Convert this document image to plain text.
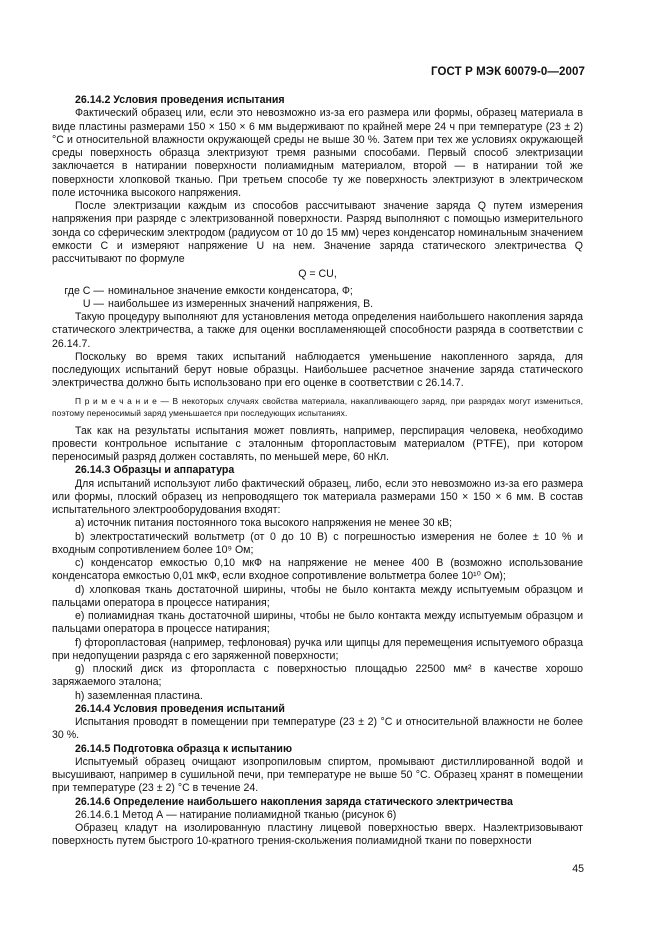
ГОСТ Р МЭК 60079-0—2007
26.14.2 Условия проведения испытания

Фактический образец или, если это невозможно из-за его размера или формы, образец материала в виде пластины размерами 150 × 150 × 6 мм выдерживают по крайней мере 24 ч при температуре (23 ± 2) °С и относительной влажности окружающей среды не выше 30 %. Затем при тех же условиях окружающей среды поверхность образца электризуют тремя разными способами. Первый способ электризации заключается в натирании поверхности полиамидным материалом, второй — в натирании той же поверхности хлопковой тканью. При третьем способе ту же поверхность электризуют в электрическом поле источника высокого напряжения.

После электризации каждым из способов рассчитывают значение заряда Q путем измерения напряжения при разряде с электризованной поверхности. Разряд выполняют с помощью измерительного зонда со сферическим электродом (радиусом от 10 до 15 мм) через конденсатор номинальным значением емкости C и измеряют напряжение U на нем. Значение заряда статического электричества Q рассчитывают по формуле

Q = CU,

где C — номинальное значение емкости конденсатора, Ф;

U — наибольшее из измеренных значений напряжения, В.

Такую процедуру выполняют для установления метода определения наибольшего накопления заряда статического электричества, а также для оценки воспламеняющей способности разряда в соответствии с 26.14.7.

Поскольку во время таких испытаний наблюдается уменьшение накопленного заряда, для последующих испытаний берут новые образцы. Наибольшее расчетное значение заряда статического электричества должно быть использовано при его оценке в соответствии с 26.14.7.

П р и м е ч а н и е — В некоторых случаях свойства материала, накапливающего заряд, при разрядах могут измениться, поэтому переносимый заряд уменьшается при последующих испытаниях.

Так как на результаты испытания может повлиять, например, перспирация человека, необходимо провести контрольное испытание с эталонным фторопластовым материалом (PTFE), при котором переносимый разряд должен составлять, по меньшей мере, 60 нКл.

26.14.3 Образцы и аппаратура

Для испытаний используют либо фактический образец, либо, если это невозможно из-за его размера или формы, плоский образец из непроводящего ток материала размерами 150 × 150 × 6 мм. В состав испытательного электрооборудования входят:

a) источник питания постоянного тока высокого напряжения не менее 30 кВ;

b) электростатический вольтметр (от 0 до 10 В) с погрешностью измерения не более ± 10 % и входным сопротивлением более 10⁹ Ом;

c) конденсатор емкостью 0,10 мкФ на напряжение не менее 400 В (возможно использование конденсатора емкостью 0,01 мкФ, если входное сопротивление вольтметра более 10¹⁰ Ом);

d) хлопковая ткань достаточной ширины, чтобы не было контакта между испытуемым образцом и пальцами оператора в процессе натирания;

e) полиамидная ткань достаточной ширины, чтобы не было контакта между испытуемым образцом и пальцами оператора в процессе натирания;

f) фторопластовая (например, тефлоновая) ручка или щипцы для перемещения испытуемого образца при недопущении разряда с его заряженной поверхности;

g) плоский диск из фторопласта с поверхностью площадью 22500 мм² в качестве хорошо заряжаемого эталона;

h) заземленная пластина.

26.14.4 Условия проведения испытаний

Испытания проводят в помещении при температуре (23 ± 2) °С и относительной влажности не более 30 %.

26.14.5 Подготовка образца к испытанию

Испытуемый образец очищают изопропиловым спиртом, промывают дистиллированной водой и высушивают, например в сушильной печи, при температуре не выше 50 °С. Образец хранят в помещении при температуре (23 ± 2) °С в течение 24.

26.14.6 Определение наибольшего накопления заряда статического электричества

26.14.6.1 Метод А — натирание полиамидной тканью (рисунок 6)

Образец кладут на изолированную пластину лицевой поверхностью вверх. Наэлектризовывают поверхность путем быстрого 10-кратного трения-скольжения полиамидной ткани по поверхности

45
